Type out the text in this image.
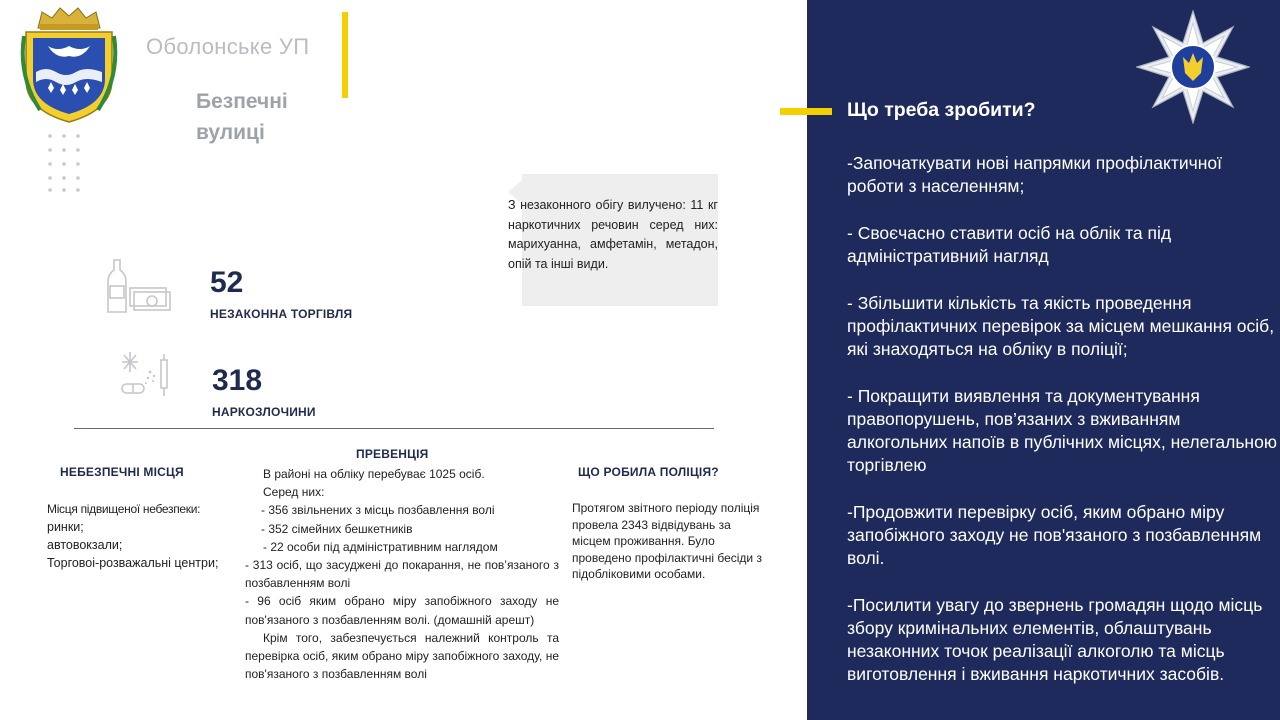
Оболонське УП
Безпечні
вулиці
З незаконного обігу вилучено: 11 кг наркотичних речовин серед них: марихуанна, амфетамін, метадон, опій та інші види.
52
НЕЗАКОННА ТОРГІВЛЯ
318
НАРКОЗЛОЧИНИ
НЕБЕЗПЕЧНІ МІСЦЯ
ПРЕВЕНЦІЯ
ЩО РОБИЛА ПОЛІЦІЯ?
Місця підвищеної небезпеки:
ринки;
автовокзали;
Торговоі-розважальні центри;
В районі на обліку перебуває 1025 осіб.
Серед них:
- 356 звільнених з місць позбавлення волі
- 352 сімейних бешкетників
- 22 особи під адміністративним наглядом
- 313 осіб, що засуджені до покарання, не пов’язаного з позбавленням волі
- 96 осіб яким обрано міру запобіжного заходу не пов'язаного з позбавленням волі. (домашній арешт)
Крім того, забезпечується належний контроль та перевірка осіб, яким обрано міру запобіжного заходу, не пов'язаного з позбавленням волі
Протягом звітного періоду поліція провела 2343 відвідувань за місцем проживання. Було проведено профілактичні бесіди з підобліковими особами.
Що треба зробити?
-Започаткувати нові напрямки профілактичної роботи з населенням;
- Своєчасно ставити осіб на облік та під адміністративний нагляд
- Збільшити кількість та якість проведення профілактичних перевірок за місцем мешкання осіб, які знаходяться на обліку в поліції;
- Покращити виявлення та документування правопорушень, пов’язаних з вживанням алкогольних напоїв в публічних місцях, нелегальною торгівлею
-Продовжити перевірку осіб, яким обрано міру запобіжного заходу не пов'язаного з позбавленням волі.
-Посилити увагу до звернень громадян щодо місць збору кримінальних елементів, облаштувань незаконних точок реалізації алкоголю та місць виготовлення і вживання наркотичних засобів.
